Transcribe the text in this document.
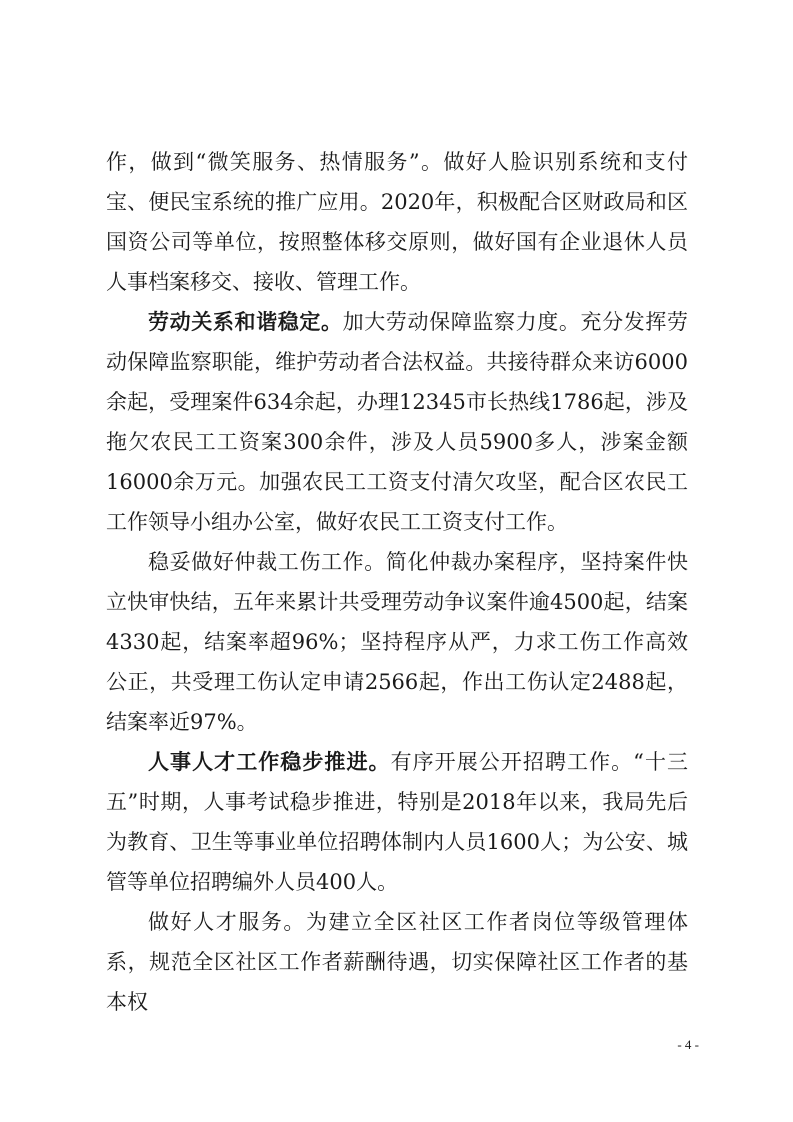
作，做到“微笑服务、热情服务”。做好人脸识别系统和支付宝、便民宝系统的推广应用。2020年，积极配合区财政局和区国资公司等单位，按照整体移交原则，做好国有企业退休人员人事档案移交、接收、管理工作。

劳动关系和谐稳定。加大劳动保障监察力度。充分发挥劳动保障监察职能，维护劳动者合法权益。共接待群众来访6000余起，受理案件634余起，办理12345市长热线1786起，涉及拖欠农民工工资案300余件，涉及人员5900多人，涉案金额16000余万元。加强农民工工资支付清欠攻坚，配合区农民工工作领导小组办公室，做好农民工工资支付工作。

稳妥做好仲裁工伤工作。简化仲裁办案程序，坚持案件快立快审快结，五年来累计共受理劳动争议案件逾4500起，结案4330起，结案率超96%；坚持程序从严，力求工伤工作高效公正，共受理工伤认定申请2566起，作出工伤认定2488起，结案率近97%。

人事人才工作稳步推进。有序开展公开招聘工作。“十三五”时期，人事考试稳步推进，特别是2018年以来，我局先后为教育、卫生等事业单位招聘体制内人员1600人；为公安、城管等单位招聘编外人员400人。

做好人才服务。为建立全区社区工作者岗位等级管理体系，规范全区社区工作者薪酬待遇，切实保障社区工作者的基本权

- 4 -
